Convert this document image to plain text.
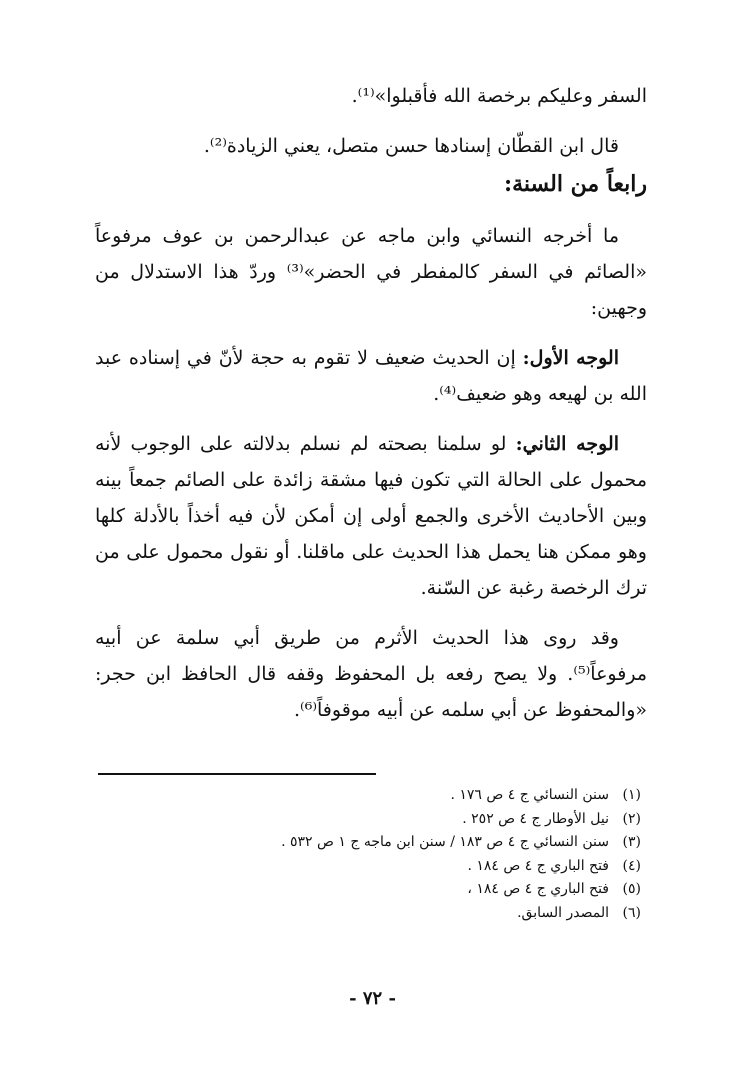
السفر وعليكم برخصة الله فأقبلوا»⁽¹⁾.

قال ابن القطّان إسنادها حسن متصل، يعني الزيادة⁽²⁾.

رابعاً من السنة:

ما أخرجه النسائي وابن ماجه عن عبدالرحمن بن عوف مرفوعاً «الصائم في السفر كالمفطر في الحضر»⁽³⁾ وردّ هذا الاستدلال من وجهين:

الوجه الأول: إن الحديث ضعيف لا تقوم به حجة لأنّ في إسناده عبد الله بن لهيعه وهو ضعيف⁽⁴⁾.

الوجه الثاني: لو سلمنا بصحته لم نسلم بدلالته على الوجوب لأنه محمول على الحالة التي تكون فيها مشقة زائدة على الصائم جمعاً بينه وبين الأحاديث الأخرى والجمع أولى إن أمكن لأن فيه أخذاً بالأدلة كلها وهو ممكن هنا يحمل هذا الحديث على ماقلنا. أو نقول محمول على من ترك الرخصة رغبة عن السّنة.

وقد روى هذا الحديث الأثرم من طريق أبي سلمة عن أبيه مرفوعاً⁽⁵⁾. ولا يصح رفعه بل المحفوظ وقفه قال الحافظ ابن حجر: «والمحفوظ عن أبي سلمه عن أبيه موقوفاً⁽⁶⁾.

(١)
سنن النسائي ج ٤ ص ١٧٦ .
(٢)
نيل الأوطار ج ٤ ص ٢٥٢ .
(٣)
سنن النسائي ج ٤ ص ١٨٣ / سنن ابن ماجه ج ١ ص ٥٣٢ .
(٤)
فتح الباري ج ٤ ص ١٨٤ .
(٥)
فتح الباري ج ٤ ص ١٨٤ ،
(٦)
المصدر السابق.
- ٧٢ -
